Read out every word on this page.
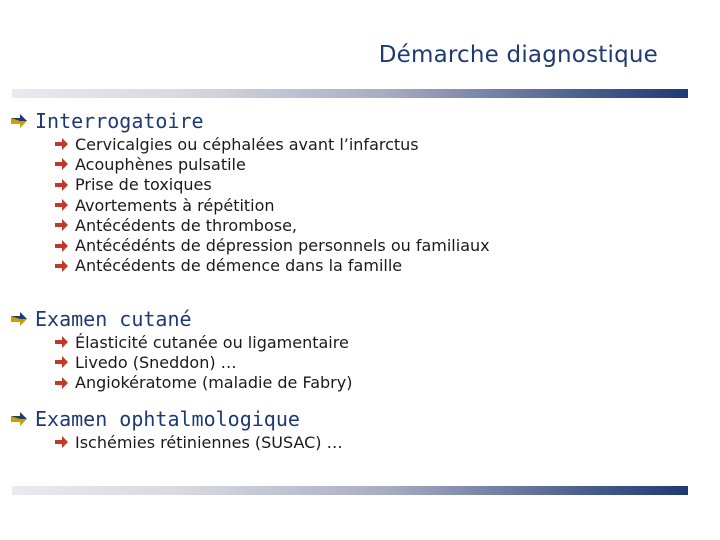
Démarche diagnostique
Interrogatoire
Cervicalgies ou céphalées avant l’infarctus
Acouphènes pulsatile
Prise de toxiques
Avortements à répétition
Antécédents de thrombose,
Antécédénts de dépression personnels ou familiaux
Antécédents de démence dans la famille
Examen cutané
Élasticité cutanée ou ligamentaire
Livedo (Sneddon) …
Angiokératome (maladie de Fabry)
Examen ophtalmologique
Ischémies rétiniennes (SUSAC) …
